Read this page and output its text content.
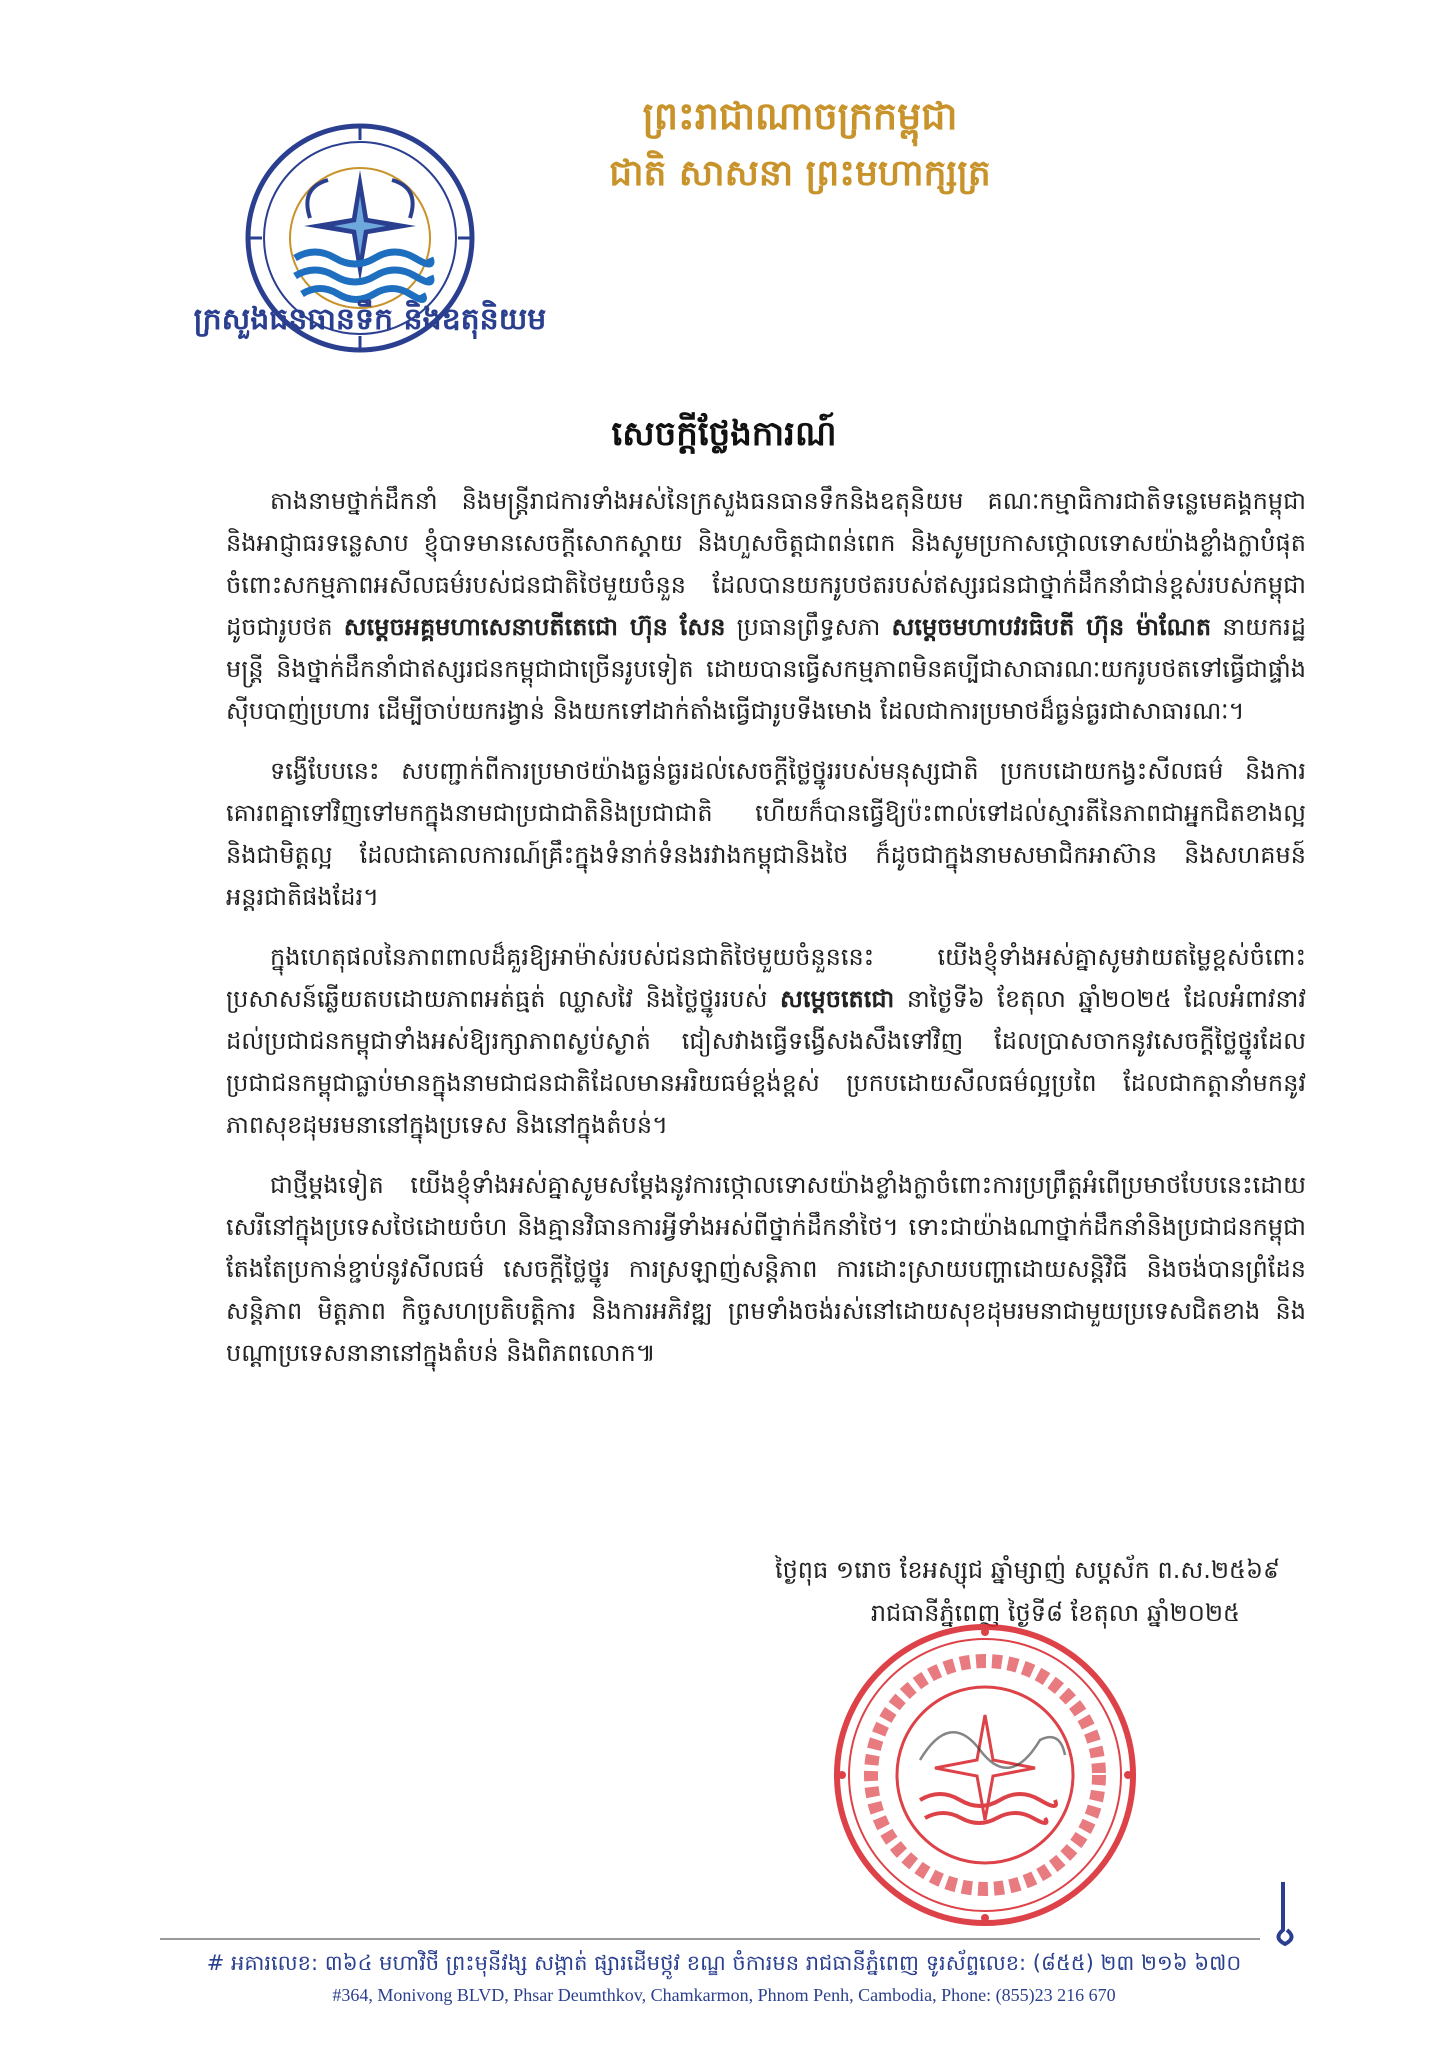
ក្រសួងធនធានទឹក និងឧតុនិយម
ព្រះរាជាណាចក្រកម្ពុជា
ជាតិ សាសនា ព្រះមហាក្សត្រ
សេចក្ដីថ្លែងការណ៍

តាងនាមថ្នាក់ដឹកនាំ និងមន្ត្រីរាជការទាំងអស់នៃក្រសួងធនធានទឹកនិងឧតុនិយម គណៈកម្មាធិការជាតិទន្លេមេគង្គកម្ពុជា និងអាជ្ញាធរទន្លេសាប ខ្ញុំបាទមានសេចក្ដីសោកស្ដាយ និងហួសចិត្តជាពន់ពេក និងសូមប្រកាសថ្កោលទោសយ៉ាងខ្លាំងក្លាបំផុតចំពោះសកម្មភាពអសីលធម៌របស់ជនជាតិថៃមួយចំនួន ដែលបានយករូបថតរបស់ឥស្សរជនជាថ្នាក់ដឹកនាំជាន់ខ្ពស់របស់កម្ពុជាដូចជារូបថត សម្ដេចអគ្គមហាសេនាបតីតេជោ ហ៊ុន សែន ប្រធានព្រឹទ្ធសភា សម្ដេចមហាបវរធិបតី ហ៊ុន ម៉ាណែត នាយករដ្ឋមន្ត្រី និងថ្នាក់ដឹកនាំជាឥស្សរជនកម្ពុជាជាច្រើនរូបទៀត ដោយបានធ្វើសកម្មភាពមិនគប្បីជាសាធារណៈយករូបថតទៅធ្វើជាផ្ទាំងស៊ីបបាញ់ប្រហារ ដើម្បីចាប់យករង្វាន់ និងយកទៅដាក់តាំងធ្វើជារូបទីងមោង ដែលជាការប្រមាថដ៏ធ្ងន់ធ្ងរជាសាធារណៈ។

ទង្វើបែបនេះ សបញ្ជាក់ពីការប្រមាថយ៉ាងធ្ងន់ធ្ងរដល់សេចក្ដីថ្លៃថ្នូររបស់មនុស្សជាតិ ប្រកបដោយកង្វះសីលធម៌ និងការគោរពគ្នាទៅវិញទៅមកក្នុងនាមជាប្រជាជាតិនិងប្រជាជាតិ ហើយក៏បានធ្វើឱ្យប៉ះពាល់ទៅដល់ស្មារតីនៃភាពជាអ្នកជិតខាងល្អ និងជាមិត្តល្អ ដែលជាគោលការណ៍គ្រឹះក្នុងទំនាក់ទំនងរវាងកម្ពុជានិងថៃ ក៏ដូចជាក្នុងនាមសមាជិកអាស៊ាន និងសហគមន៍អន្តរជាតិផងដែរ។

ក្នុងហេតុផលនៃភាពពាលដ៏គួរឱ្យអាម៉ាស់របស់ជនជាតិថៃមួយចំនួននេះ យើងខ្ញុំទាំងអស់គ្នាសូមវាយតម្លៃខ្ពស់ចំពោះប្រសាសន៍ឆ្លើយតបដោយភាពអត់ធ្មត់ ឈ្លាសវៃ និងថ្លៃថ្នូររបស់ សម្ដេចតេជោ នាថ្ងៃទី៦ ខែតុលា ឆ្នាំ២០២៥ ដែលអំពាវនាវដល់ប្រជាជនកម្ពុជាទាំងអស់ឱ្យរក្សាភាពស្ងប់ស្ងាត់ ជៀសវាងធ្វើទង្វើសងសឹងទៅវិញ ដែលប្រាសចាកនូវសេចក្ដីថ្លៃថ្នូរដែលប្រជាជនកម្ពុជាធ្លាប់មានក្នុងនាមជាជនជាតិដែលមានអរិយធម៌ខ្ពង់ខ្ពស់ ប្រកបដោយសីលធម៌ល្អប្រពៃ ដែលជាកត្តានាំមកនូវភាពសុខដុមរមនានៅក្នុងប្រទេស និងនៅក្នុងតំបន់។

ជាថ្មីម្ដងទៀត យើងខ្ញុំទាំងអស់គ្នាសូមសម្ដែងនូវការថ្កោលទោសយ៉ាងខ្លាំងក្លាចំពោះការប្រព្រឹត្តអំពើប្រមាថបែបនេះដោយសេរីនៅក្នុងប្រទេសថៃដោយចំហ និងគ្មានវិធានការអ្វីទាំងអស់ពីថ្នាក់ដឹកនាំថៃ។ ទោះជាយ៉ាងណាថ្នាក់ដឹកនាំនិងប្រជាជនកម្ពុជាតែងតែប្រកាន់ខ្ជាប់នូវសីលធម៌ សេចក្ដីថ្លៃថ្នូរ ការស្រឡាញ់សន្តិភាព ការដោះស្រាយបញ្ហាដោយសន្តិវិធី និងចង់បានព្រំដែនសន្តិភាព មិត្តភាព កិច្ចសហប្រតិបត្តិការ និងការអភិវឌ្ឍ ព្រមទាំងចង់រស់នៅដោយសុខដុមរមនាជាមួយប្រទេសជិតខាង និងបណ្ដាប្រទេសនានានៅក្នុងតំបន់ និងពិភពលោក៕

ថ្ងៃពុធ ១រោច ខែអស្សុជ ឆ្នាំម្សាញ់ សប្តស័ក ព.ស.២៥៦៩
រាជធានីភ្នំពេញ ថ្ងៃទី៨ ខែតុលា ឆ្នាំ២០២៥
# អគារលេខ: ៣៦៤ មហាវិថី ព្រះមុនីវង្ស សង្កាត់ ផ្សារដើមថ្កូវ ខណ្ឌ ចំការមន រាជធានីភ្នំពេញ ទូរស័ព្ទលេខ: (៨៥៥) ២៣ ២១៦ ៦៧០
#364, Monivong BLVD, Phsar Deumthkov, Chamkarmon, Phnom Penh, Cambodia, Phone: (855)23 216 670
